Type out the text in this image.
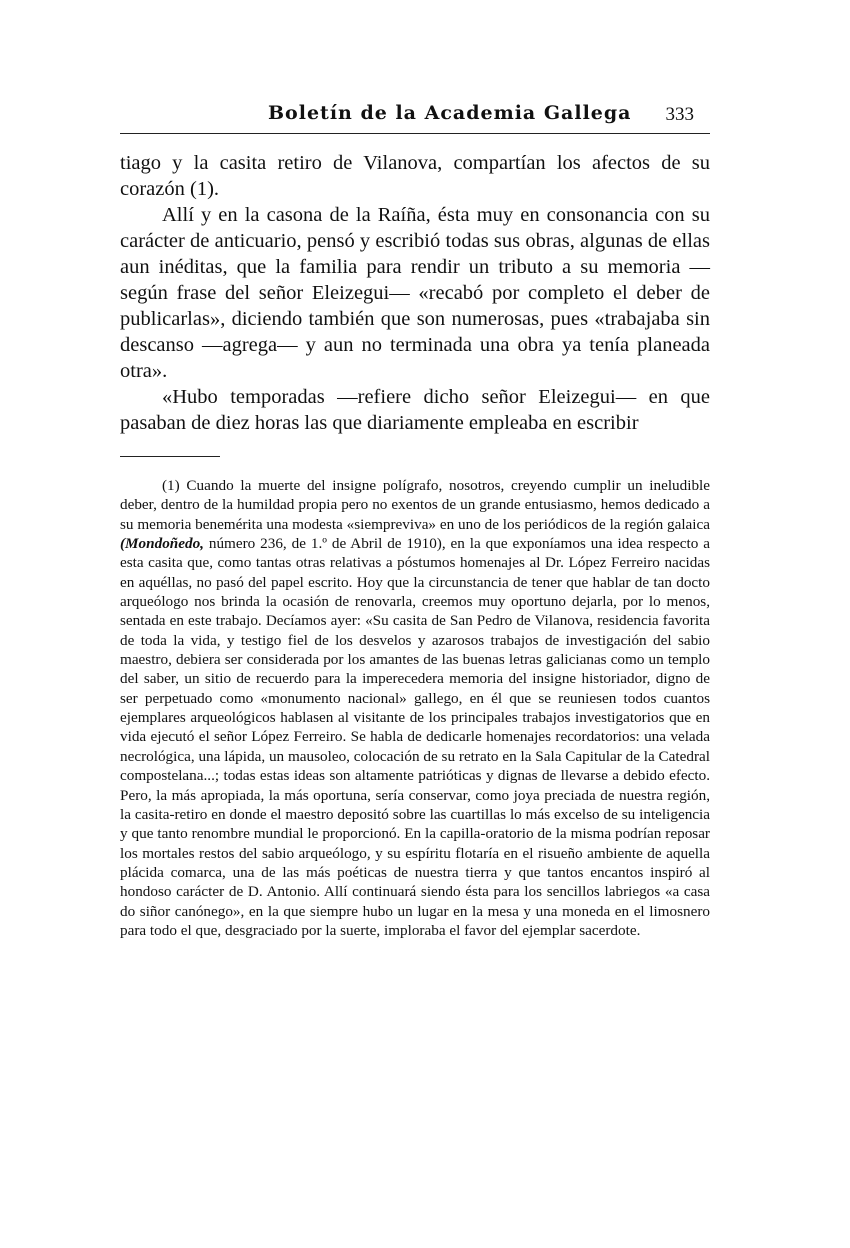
Boletín de la Academia Gallega 333

tiago y la casita retiro de Vilanova, compartían los afectos de su corazón (1).

Allí y en la casona de la Raíña, ésta muy en consonancia con su carácter de anticuario, pensó y escribió todas sus obras, algunas de ellas aun inéditas, que la familia para rendir un tributo a su memoria —según frase del señor Eleizegui— «recabó por completo el deber de publicarlas», diciendo también que son numerosas, pues «trabajaba sin descanso —agrega— y aun no terminada una obra ya tenía planeada otra».

«Hubo temporadas —refiere dicho señor Eleizegui— en que pasaban de diez horas las que diariamente empleaba en escribir

(1) Cuando la muerte del insigne polígrafo, nosotros, creyendo cumplir un ineludible deber, dentro de la humildad propia pero no exentos de un grande entusiasmo, hemos dedicado a su memoria benemérita una modesta «siempreviva» en uno de los periódicos de la región galaica (Mondoñedo, número 236, de 1.º de Abril de 1910), en la que exponíamos una idea respecto a esta casita que, como tantas otras relativas a póstumos homenajes al Dr. López Ferreiro nacidas en aquéllas, no pasó del papel escrito. Hoy que la circunstancia de tener que hablar de tan docto arqueólogo nos brinda la ocasión de renovarla, creemos muy oportuno dejarla, por lo menos, sentada en este trabajo. Decíamos ayer: «Su casita de San Pedro de Vilanova, residencia favorita de toda la vida, y testigo fiel de los desvelos y azarosos trabajos de investigación del sabio maestro, debiera ser considerada por los amantes de las buenas letras galicianas como un templo del saber, un sitio de recuerdo para la imperecedera memoria del insigne historiador, digno de ser perpetuado como «monumento nacional» gallego, en él que se reuniesen todos cuantos ejemplares arqueológicos hablasen al visitante de los principales trabajos investigatorios que en vida ejecutó el señor López Ferreiro. Se habla de dedicarle homenajes recordatorios: una velada necrológica, una lápida, un mausoleo, colocación de su retrato en la Sala Capitular de la Catedral compostelana...; todas estas ideas son altamente patrióticas y dignas de llevarse a debido efecto. Pero, la más apropiada, la más oportuna, sería conservar, como joya preciada de nuestra región, la casita-retiro en donde el maestro depositó sobre las cuartillas lo más excelso de su inteligencia y que tanto renombre mundial le proporcionó. En la capilla-oratorio de la misma podrían reposar los mortales restos del sabio arqueólogo, y su espíritu flotaría en el risueño ambiente de aquella plácida comarca, una de las más poéticas de nuestra tierra y que tantos encantos inspiró al hondoso carácter de D. Antonio. Allí continuará siendo ésta para los sencillos labriegos «a casa do siñor canónego», en la que siempre hubo un lugar en la mesa y una moneda en el limosnero para todo el que, desgraciado por la suerte, imploraba el favor del ejemplar sacerdote.
